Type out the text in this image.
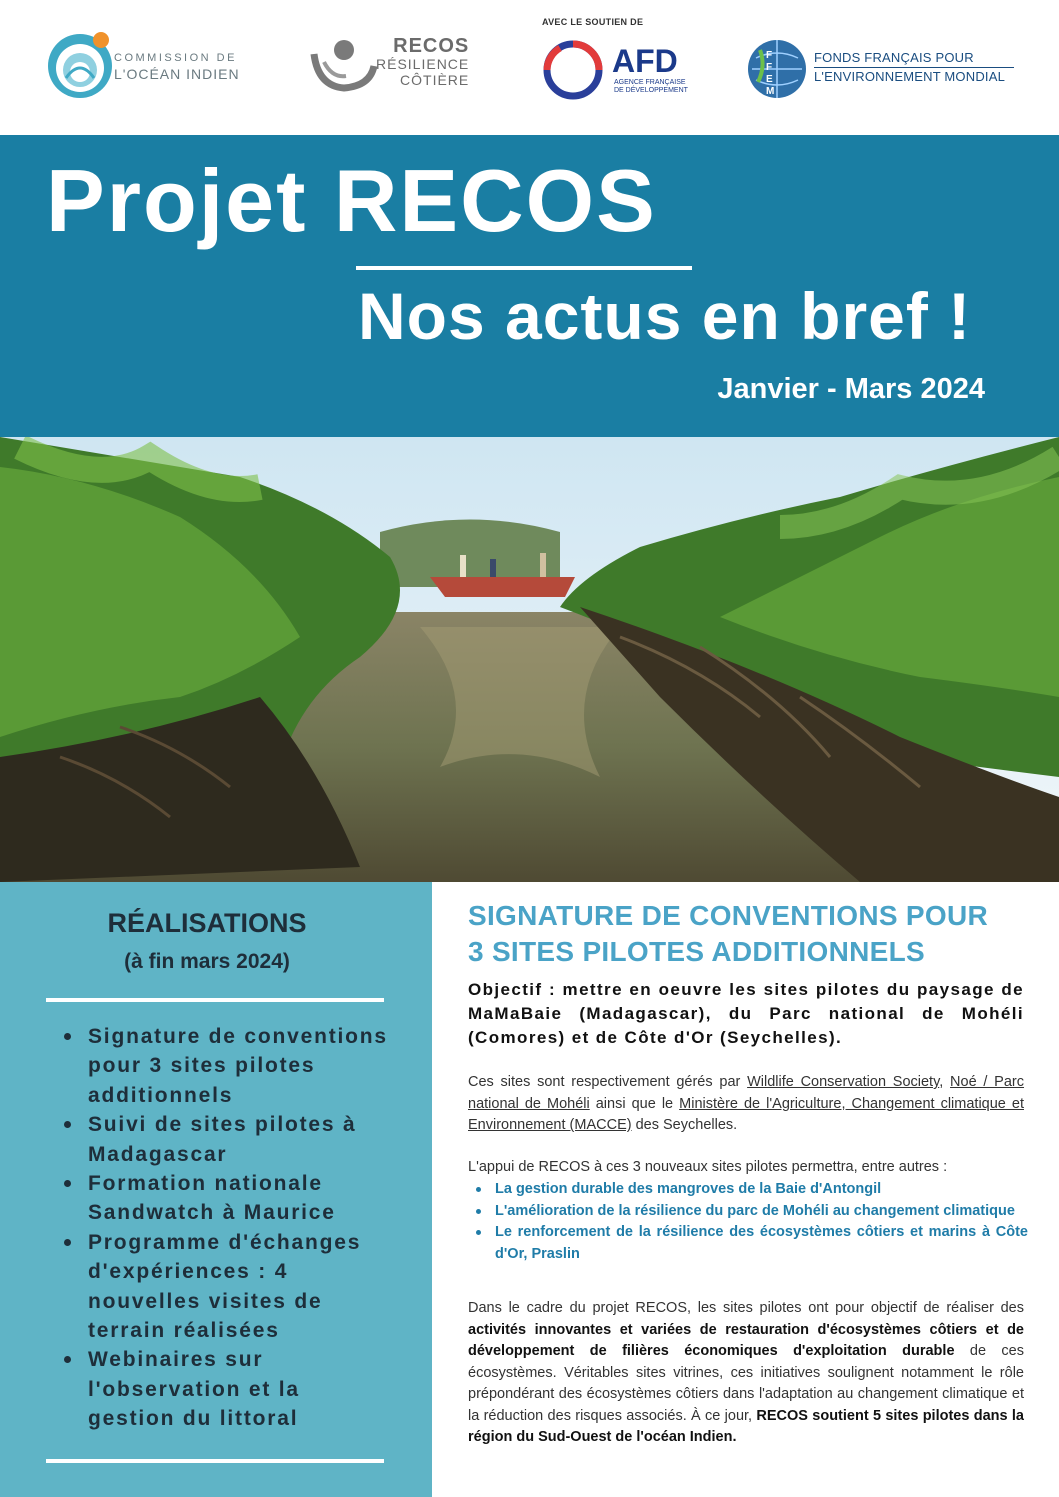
COMMISSION DE
L'OCÉAN INDIEN
RECOS
RÉSILIENCE
CÔTIÈRE
AVEC LE SOUTIEN DE
AFD
AGENCE FRANÇAISE
DE DÉVELOPPEMENT
F
F
E
M
FONDS FRANÇAIS POUR
L'ENVIRONNEMENT MONDIAL
Projet RECOS
Nos actus en bref !
Janvier - Mars 2024
RÉALISATIONS
(à fin mars 2024)
Signature de conventions pour 3 sites pilotes additionnels
Suivi de sites pilotes à Madagascar
Formation nationale Sandwatch à Maurice
Programme d'échanges d'expériences : 4 nouvelles visites de terrain réalisées
Webinaires sur l'observation et la gestion du littoral
SIGNATURE DE CONVENTIONS POUR
3 SITES PILOTES ADDITIONNELS
Objectif : mettre en oeuvre les sites pilotes du paysage de MaMaBaie (Madagascar), du Parc national de Mohéli (Comores) et de Côte d'Or (Seychelles).
Ces sites sont respectivement gérés par Wildlife Conservation Society, Noé / Parc national de Mohéli ainsi que le Ministère de l'Agriculture, Changement climatique et Environnement (MACCE) des Seychelles.
L'appui de RECOS à ces 3 nouveaux sites pilotes permettra, entre autres :
La gestion durable des mangroves de la Baie d'Antongil
L'amélioration de la résilience du parc de Mohéli au changement climatique
Le renforcement de la résilience des écosystèmes côtiers et marins à Côte d'Or, Praslin
Dans le cadre du projet RECOS, les sites pilotes ont pour objectif de réaliser des activités innovantes et variées de restauration d'écosystèmes côtiers et de développement de filières économiques d'exploitation durable de ces écosystèmes. Véritables sites vitrines, ces initiatives soulignent notamment le rôle prépondérant des écosystèmes côtiers dans l'adaptation au changement climatique et la réduction des risques associés. À ce jour, RECOS soutient 5 sites pilotes dans la région du Sud-Ouest de l'océan Indien.
